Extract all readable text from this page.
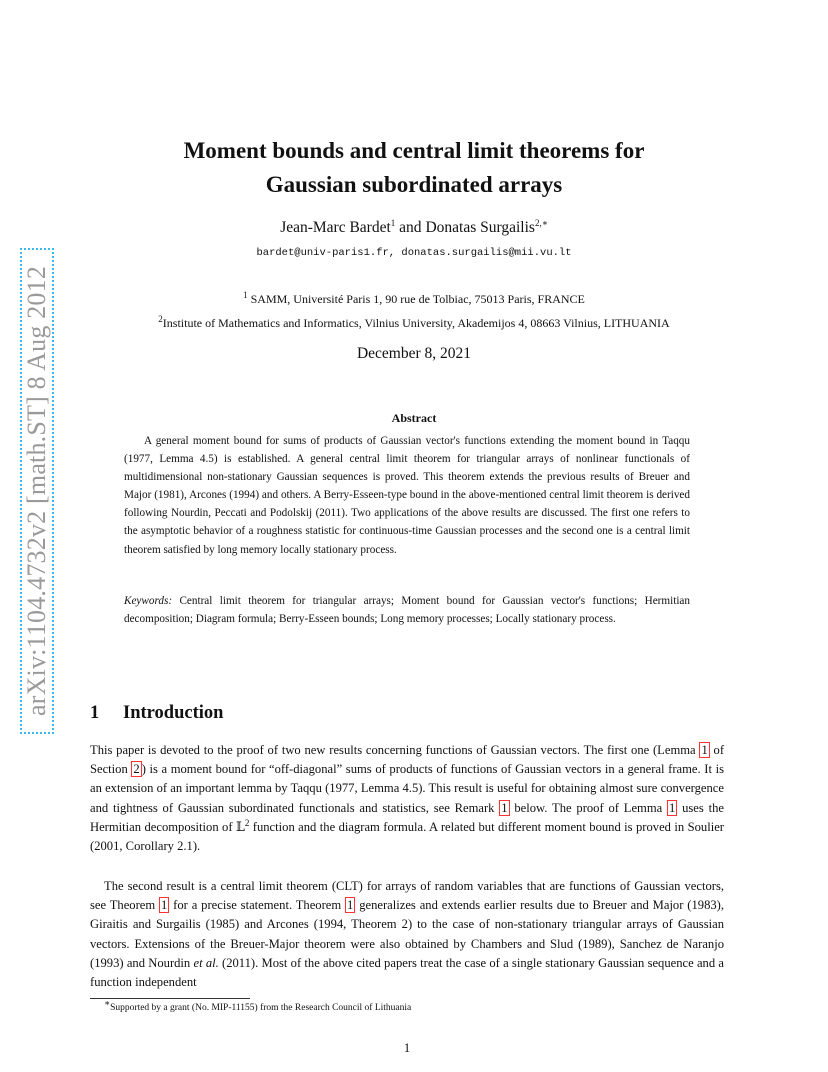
arXiv:1104.4732v2 [math.ST] 8 Aug 2012
Moment bounds and central limit theorems for
Gaussian subordinated arrays
Jean-Marc Bardet$^1$ and Donatas Surgailis$^{2,∗}$
bardet@univ-paris1.fr, donatas.surgailis@mii.vu.lt
$^1$ SAMM, Université Paris 1, 90 rue de Tolbiac, 75013 Paris, FRANCE
$^2$Institute of Mathematics and Informatics, Vilnius University, Akademijos 4, 08663 Vilnius, LITHUANIA
December 8, 2021
Abstract
A general moment bound for sums of products of Gaussian vector's functions extending the moment bound in Taqqu (1977, Lemma 4.5) is established. A general central limit theorem for triangular arrays of nonlinear functionals of multidimensional non-stationary Gaussian sequences is proved. This theorem extends the previous results of Breuer and Major (1981), Arcones (1994) and others. A Berry-Esseen-type bound in the above-mentioned central limit theorem is derived following Nourdin, Peccati and Podolskij (2011). Two applications of the above results are discussed. The first one refers to the asymptotic behavior of a roughness statistic for continuous-time Gaussian processes and the second one is a central limit theorem satisfied by long memory locally stationary process.
Keywords: Central limit theorem for triangular arrays; Moment bound for Gaussian vector's functions; Hermitian decomposition; Diagram formula; Berry-Esseen bounds; Long memory processes; Locally stationary process.
1 Introduction
This paper is devoted to the proof of two new results concerning functions of Gaussian vectors. The first one (Lemma 1 of Section 2 ) is a moment bound for “off-diagonal” sums of products of functions of Gaussian vectors in a general frame. It is an extension of an important lemma by Taqqu (1977, Lemma 4.5). This result is useful for obtaining almost sure convergence and tightness of Gaussian subordinated functionals and statistics, see Remark 1 below. The proof of Lemma 1 uses the Hermitian decomposition of 𝕃$^2$ function and the diagram formula. A related but different moment bound is proved in Soulier (2001, Corollary 2.1).
The second result is a central limit theorem (CLT) for arrays of random variables that are functions of Gaussian vectors, see Theorem 1 for a precise statement. Theorem 1 generalizes and extends earlier results due to Breuer and Major (1983), Giraitis and Surgailis (1985) and Arcones (1994, Theorem 2) to the case of non-stationary triangular arrays of Gaussian vectors. Extensions of the Breuer-Major theorem were also obtained by Chambers and Slud (1989), Sanchez de Naranjo (1993) and Nourdin et al. (2011). Most of the above cited papers treat the case of a single stationary Gaussian sequence and a function independent
∗Supported by a grant (No. MIP-11155) from the Research Council of Lithuania
1
